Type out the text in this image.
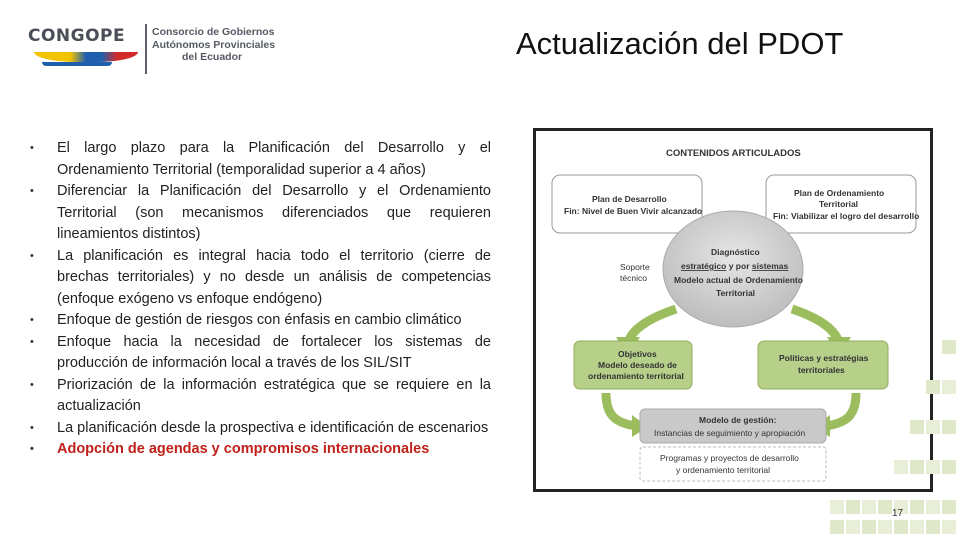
CONGOPE	Consorcio de Gobiernos
Autónomos Provinciales
del Ecuador	Actualización del PDOT
• El largo plazo para la Planificación del Desarrollo y el Ordenamiento Territorial (temporalidad superior a 4 años)
• Diferenciar la Planificación del Desarrollo y el Ordenamiento Territorial (son mecanismos diferenciados que requieren lineamientos distintos)
• La planificación es integral hacia todo el territorio (cierre de brechas territoriales) y no desde un análisis de competencias (enfoque exógeno vs enfoque endógeno)
• Enfoque de gestión de riesgos con énfasis en cambio climático
• Enfoque hacia la necesidad de fortalecer los sistemas de producción de información local a través de los SIL/SIT
• Priorización de la información estratégica que se requiere en la actualización
• La planificación desde la prospectiva e identificación de escenarios
• Adopción de agendas y compromisos internacionales
CONTENIDOS ARTICULADOS
Plan de Desarrollo
Fin: Nivel de Buen Vivir alcanzado
Plan de Ordenamiento
Territorial
Fin: Viabilizar el logro del desarrollo
Diagnóstico
estratégico y por sistemas
Modelo actual de Ordenamiento
Territorial
Soporte
técnico
Objetivos
Modelo deseado de
ordenamiento territorial
Políticas y estratégias
territoriales
Modelo de gestión:
Instancias de seguimiento y apropiación
Programas y proyectos de desarrollo
y ordenamiento territorial
17
